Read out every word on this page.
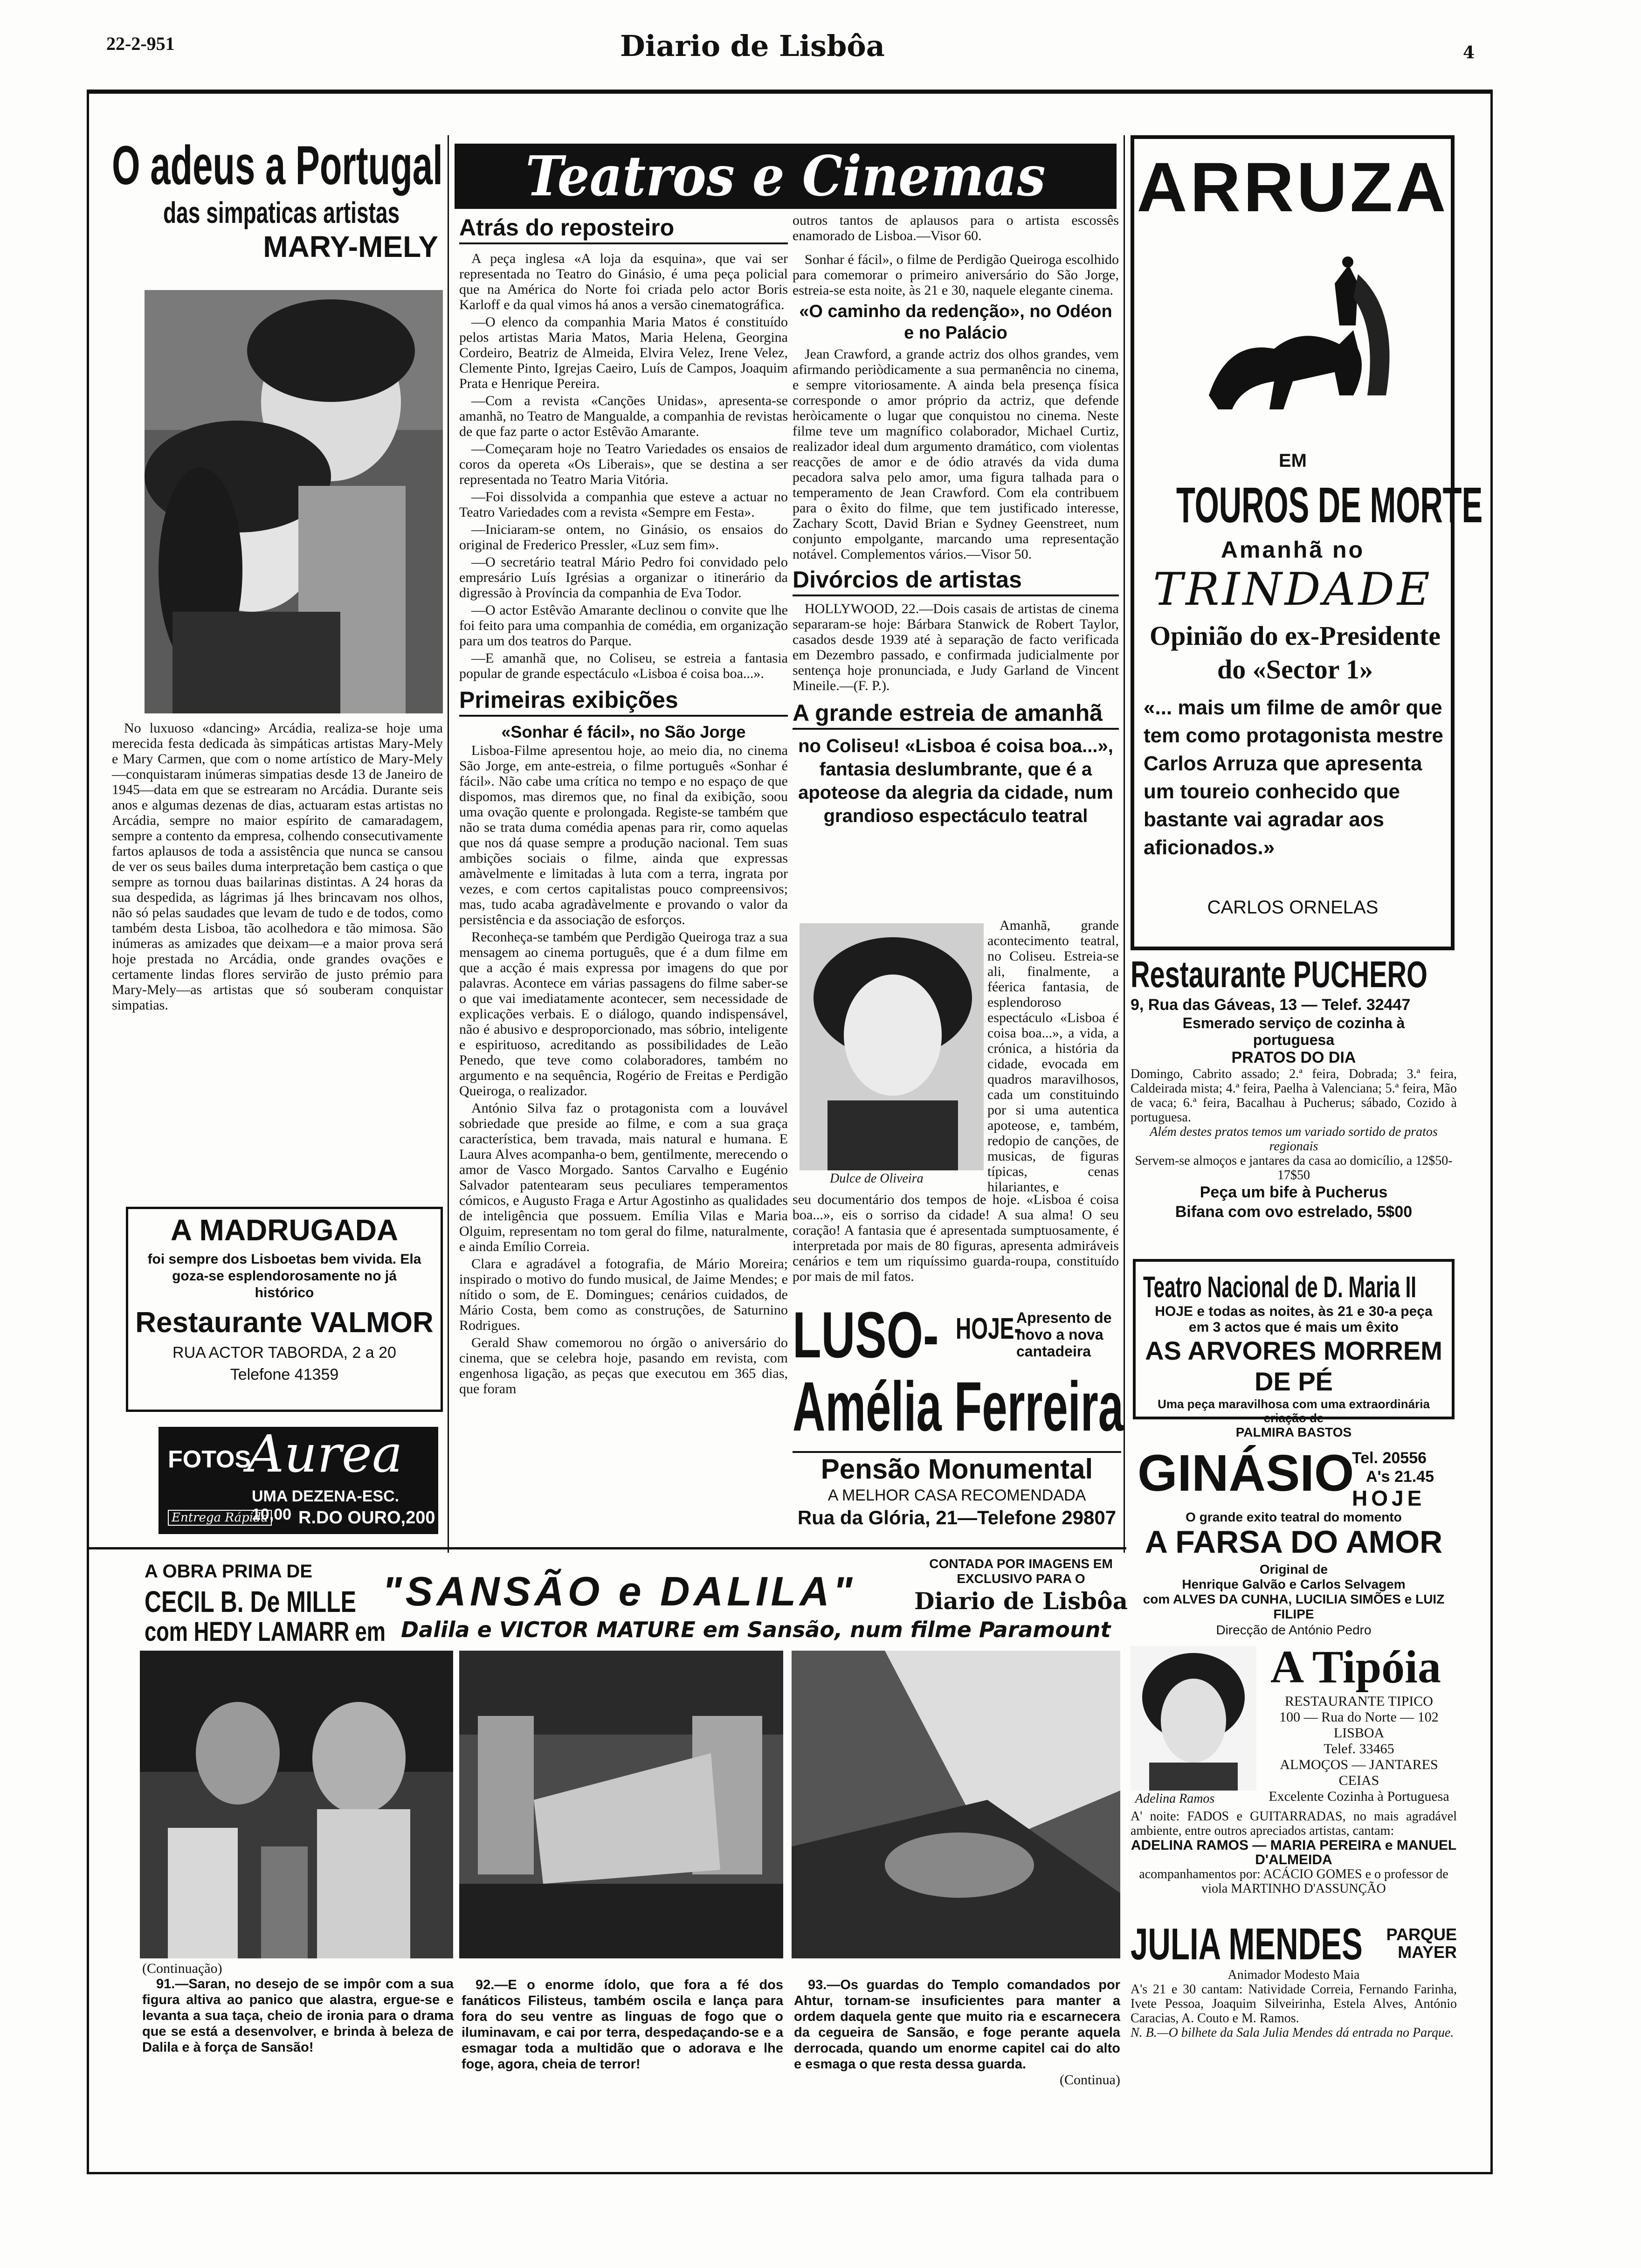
22-2-951	Diario de Lisbôa	4
O adeus a Portugal
das simpaticas artistas
MARY-MELY

No luxuoso «dancing» Arcádia, realiza-se hoje uma merecida festa dedicada às simpáticas artistas Mary-Mely e Mary Carmen, que com o nome artístico de Mary-Mely—conquistaram inúmeras simpatias desde 13 de Janeiro de 1945—data em que se estrearam no Arcádia. Durante seis anos e algumas dezenas de dias, actuaram estas artistas no Arcádia, sempre no maior espírito de camaradagem, sempre a contento da empresa, colhendo consecutivamente fartos aplausos de toda a assistência que nunca se cansou de ver os seus bailes duma interpretação bem castiça o que sempre as tornou duas bailarinas distintas. A 24 horas da sua despedida, as lágrimas já lhes brincavam nos olhos, não só pelas saudades que levam de tudo e de todos, como também desta Lisboa, tão acolhedora e tão mimosa. São inúmeras as amizades que deixam—e a maior prova será hoje prestada no Arcádia, onde grandes ovações e certamente lindas flores servirão de justo prémio para Mary-Mely—as artistas que só souberam conquistar simpatias.

A MADRUGADA
foi sempre dos Lisboetas bem vivida. Ela goza-se esplendorosamente no já histórico
Restaurante VALMOR
RUA ACTOR TABORDA, 2 a 20
Telefone 41359
FOTOS
Aurea
UMA DEZENA-ESC. 10,00
Entrega Rápida R.DO OURO,200
Teatros e Cinemas
Atrás do reposteiro

A peça inglesa «A loja da esquina», que vai ser representada no Teatro do Ginásio, é uma peça policial que na América do Norte foi criada pelo actor Boris Karloff e da qual vimos há anos a versão cinematográfica.

—O elenco da companhia Maria Matos é constituído pelos artistas Maria Matos, Maria Helena, Georgina Cordeiro, Beatriz de Almeida, Elvira Velez, Irene Velez, Clemente Pinto, Igrejas Caeiro, Luís de Campos, Joaquim Prata e Henrique Pereira.

—Com a revista «Canções Unidas», apresenta-se amanhã, no Teatro de Mangualde, a companhia de revistas de que faz parte o actor Estêvão Amarante.

—Começaram hoje no Teatro Variedades os ensaios de coros da opereta «Os Liberais», que se destina a ser representada no Teatro Maria Vitória.

—Foi dissolvida a companhia que esteve a actuar no Teatro Variedades com a revista «Sempre em Festa».

—Iniciaram-se ontem, no Ginásio, os ensaios do original de Frederico Pressler, «Luz sem fim».

—O secretário teatral Mário Pedro foi convidado pelo empresário Luís Igrésias a organizar o itinerário da digressão à Província da companhia de Eva Todor.

—O actor Estêvão Amarante declinou o convite que lhe foi feito para uma companhia de comédia, em organização para um dos teatros do Parque.

—E amanhã que, no Coliseu, se estreia a fantasia popular de grande espectáculo «Lisboa é coisa boa...».

Primeiras exibições
«Sonhar é fácil», no São Jorge

Lisboa-Filme apresentou hoje, ao meio dia, no cinema São Jorge, em ante-estreia, o filme português «Sonhar é fácil». Não cabe uma crítica no tempo e no espaço de que dispomos, mas diremos que, no final da exibição, soou uma ovação quente e prolongada. Registe-se também que não se trata duma comédia apenas para rir, como aquelas que nos dá quase sempre a produção nacional. Tem suas ambições sociais o filme, ainda que expressas amàvelmente e limitadas à luta com a terra, ingrata por vezes, e com certos capitalistas pouco compreensivos; mas, tudo acaba agradàvelmente e provando o valor da persistência e da associação de esforços.

Reconheça-se também que Perdigão Queiroga traz a sua mensagem ao cinema português, que é a dum filme em que a acção é mais expressa por imagens do que por palavras. Acontece em várias passagens do filme saber-se o que vai imediatamente acontecer, sem necessidade de explicações verbais. E o diálogo, quando indispensável, não é abusivo e desproporcionado, mas sóbrio, inteligente e espirituoso, acreditando as possibilidades de Leão Penedo, que teve como colaboradores, também no argumento e na sequência, Rogério de Freitas e Perdigão Queiroga, o realizador.

António Silva faz o protagonista com a louvável sobriedade que preside ao filme, e com a sua graça característica, bem travada, mais natural e humana. E Laura Alves acompanha-o bem, gentilmente, merecendo o amor de Vasco Morgado. Santos Carvalho e Eugénio Salvador patentearam seus peculiares temperamentos cómicos, e Augusto Fraga e Artur Agostinho as qualidades de inteligência que possuem. Emília Vilas e Maria Olguim, representam no tom geral do filme, naturalmente, e ainda Emílio Correia.

Clara e agradável a fotografia, de Mário Moreira; inspirado o motivo do fundo musical, de Jaime Mendes; e nítido o som, de E. Domingues; cenários cuidados, de Mário Costa, bem como as construções, de Saturnino Rodrigues.

Gerald Shaw comemorou no órgão o aniversário do cinema, que se celebra hoje, pasando em revista, com engenhosa ligação, as peças que executou em 365 dias, que foram

outros tantos de aplausos para o artista escossês enamorado de Lisboa.—Visor 60.

Sonhar é fácil», o filme de Perdigão Queiroga escolhido para comemorar o primeiro aniversário do São Jorge, estreia-se esta noite, às 21 e 30, naquele elegante cinema.

«O caminho da redenção», no Odéon e no Palácio

Jean Crawford, a grande actriz dos olhos grandes, vem afirmando periòdicamente a sua permanência no cinema, e sempre vitoriosamente. A ainda bela presença física corresponde o amor próprio da actriz, que defende heròicamente o lugar que conquistou no cinema. Neste filme teve um magnífico colaborador, Michael Curtiz, realizador ideal dum argumento dramático, com violentas reacções de amor e de ódio através da vida duma pecadora salva pelo amor, uma figura talhada para o temperamento de Jean Crawford. Com ela contribuem para o êxito do filme, que tem justificado interesse, Zachary Scott, David Brian e Sydney Geenstreet, num conjunto empolgante, marcando uma representação notável. Complementos vários.—Visor 50.

Divórcios de artistas

HOLLYWOOD, 22.—Dois casais de artistas de cinema separaram-se hoje: Bárbara Stanwick de Robert Taylor, casados desde 1939 até à separação de facto verificada em Dezembro passado, e confirmada judicialmente por sentença hoje pronunciada, e Judy Garland de Vincent Mineile.—(F. P.).

A grande estreia de amanhã
no Coliseu! «Lisboa é coisa boa...», fantasia deslumbrante, que é a apoteose da alegria da cidade, num grandioso espectáculo teatral
Dulce de Oliveira

Amanhã, grande acontecimento teatral, no Coliseu. Estreia-se ali, finalmente, a féerica fantasia, de esplendoroso espectáculo «Lisboa é coisa boa...», a vida, a crónica, a história da cidade, evocada em quadros maravilhosos, cada um constituindo por si uma autentica apoteose, e, também, redopio de canções, de musicas, de figuras típicas, cenas hilariantes, e

seu documentário dos tempos de hoje. «Lisboa é coisa boa...», eis o sorriso da cidade! A sua alma! O seu coração! A fantasia que é apresentada sumptuosamente, é interpretada por mais de 80 figuras, apresenta admiráveis cenários e tem um riquíssimo guarda-roupa, constituído por mais de mil fatos.

LUSO- HOJE-
Apresento de novo a nova cantadeira
Amélia Ferreira
Pensão Monumental
A MELHOR CASA RECOMENDADA
Rua da Glória, 21—Telefone 29807
ARRUZA
EM
TOUROS DE MORTE
Amanhã no
TRINDADE
Opinião do ex-Presidente do «Sector 1»
«... mais um filme de amôr que tem como protagonista mestre Carlos Arruza que apresenta um toureio conhecido que bastante vai agradar aos aficionados.»
CARLOS ORNELAS
Restaurante PUCHERO
9, Rua das Gáveas, 13 — Telef. 32447
Esmerado serviço de cozinha à portuguesa
PRATOS DO DIA
Domingo, Cabrito assado; 2.ª feira, Dobrada; 3.ª feira, Caldeirada mista; 4.ª feira, Paelha à Valenciana; 5.ª feira, Mão de vaca; 6.ª feira, Bacalhau à Pucherus; sábado, Cozido à portuguesa.
Além destes pratos temos um variado sortido de pratos regionais
Servem-se almoços e jantares da casa ao domicílio, a 12$50-17$50
Peça um bife à Pucherus
Bifana com ovo estrelado, 5$00
Teatro Nacional de D. Maria II
HOJE e todas as noites, às 21 e 30-a peça em 3 actos que é mais um êxito
AS ARVORES MORREM DE PÉ
Uma peça maravilhosa com uma extraordinária criação de
PALMIRA BASTOS
GINÁSIO
Tel. 20556
A's 21.45
HOJE
O grande exito teatral do momento
A FARSA DO AMOR
Original de
Henrique Galvão e Carlos Selvagem
com ALVES DA CUNHA, LUCILIA SIMÕES e LUIZ FILIPE
Direcção de António Pedro
Adelina Ramos
A Tipóia
RESTAURANTE TIPICO
100 — Rua do Norte — 102
LISBOA
Telef. 33465
ALMOÇOS — JANTARES
CEIAS
Excelente Cozinha à Portuguesa
A' noite: FADOS e GUITARRADAS, no mais agradável ambiente, entre outros apreciados artistas, cantam:
ADELINA RAMOS — MARIA PEREIRA e MANUEL D'ALMEIDA
acompanhamentos por: ACÁCIO GOMES e o professor de viola MARTINHO D'ASSUNÇÃO
JULIA MENDES	PARQUE MAYER
Animador Modesto Maia
A's 21 e 30 cantam: Natividade Correia, Fernando Farinha, Ivete Pessoa, Joaquim Silveirinha, Estela Alves, António Caracias, A. Couto e M. Ramos.
N. B.—O bilhete da Sala Julia Mendes dá entrada no Parque.
A OBRA PRIMA DE
CECIL B. De MILLE
com HEDY LAMARR em
"SANSÃO e DALILA"
Dalila e VICTOR MATURE em Sansão, num filme Paramount
CONTADA POR IMAGENS EM EXCLUSIVO PARA O
Diario de Lisbôa
(Continuação)
91.—Saran, no desejo de se impôr com a sua figura altiva ao panico que alastra, ergue-se e levanta a sua taça, cheio de ironia para o drama que se está a desenvolver, e brinda à beleza de Dalila e à força de Sansão!
92.—E o enorme ídolo, que fora a fé dos fanáticos Filisteus, também oscila e lança para fora do seu ventre as linguas de fogo que o iluminavam, e cai por terra, despedaçando-se e a esmagar toda a multidão que o adorava e lhe foge, agora, cheia de terror!
93.—Os guardas do Templo comandados por Ahtur, tornam-se insuficientes para manter a ordem daquela gente que muito ria e escarnecera da cegueira de Sansão, e foge perante aquela derrocada, quando um enorme capitel cai do alto e esmaga o que resta dessa guarda.
(Continua)
